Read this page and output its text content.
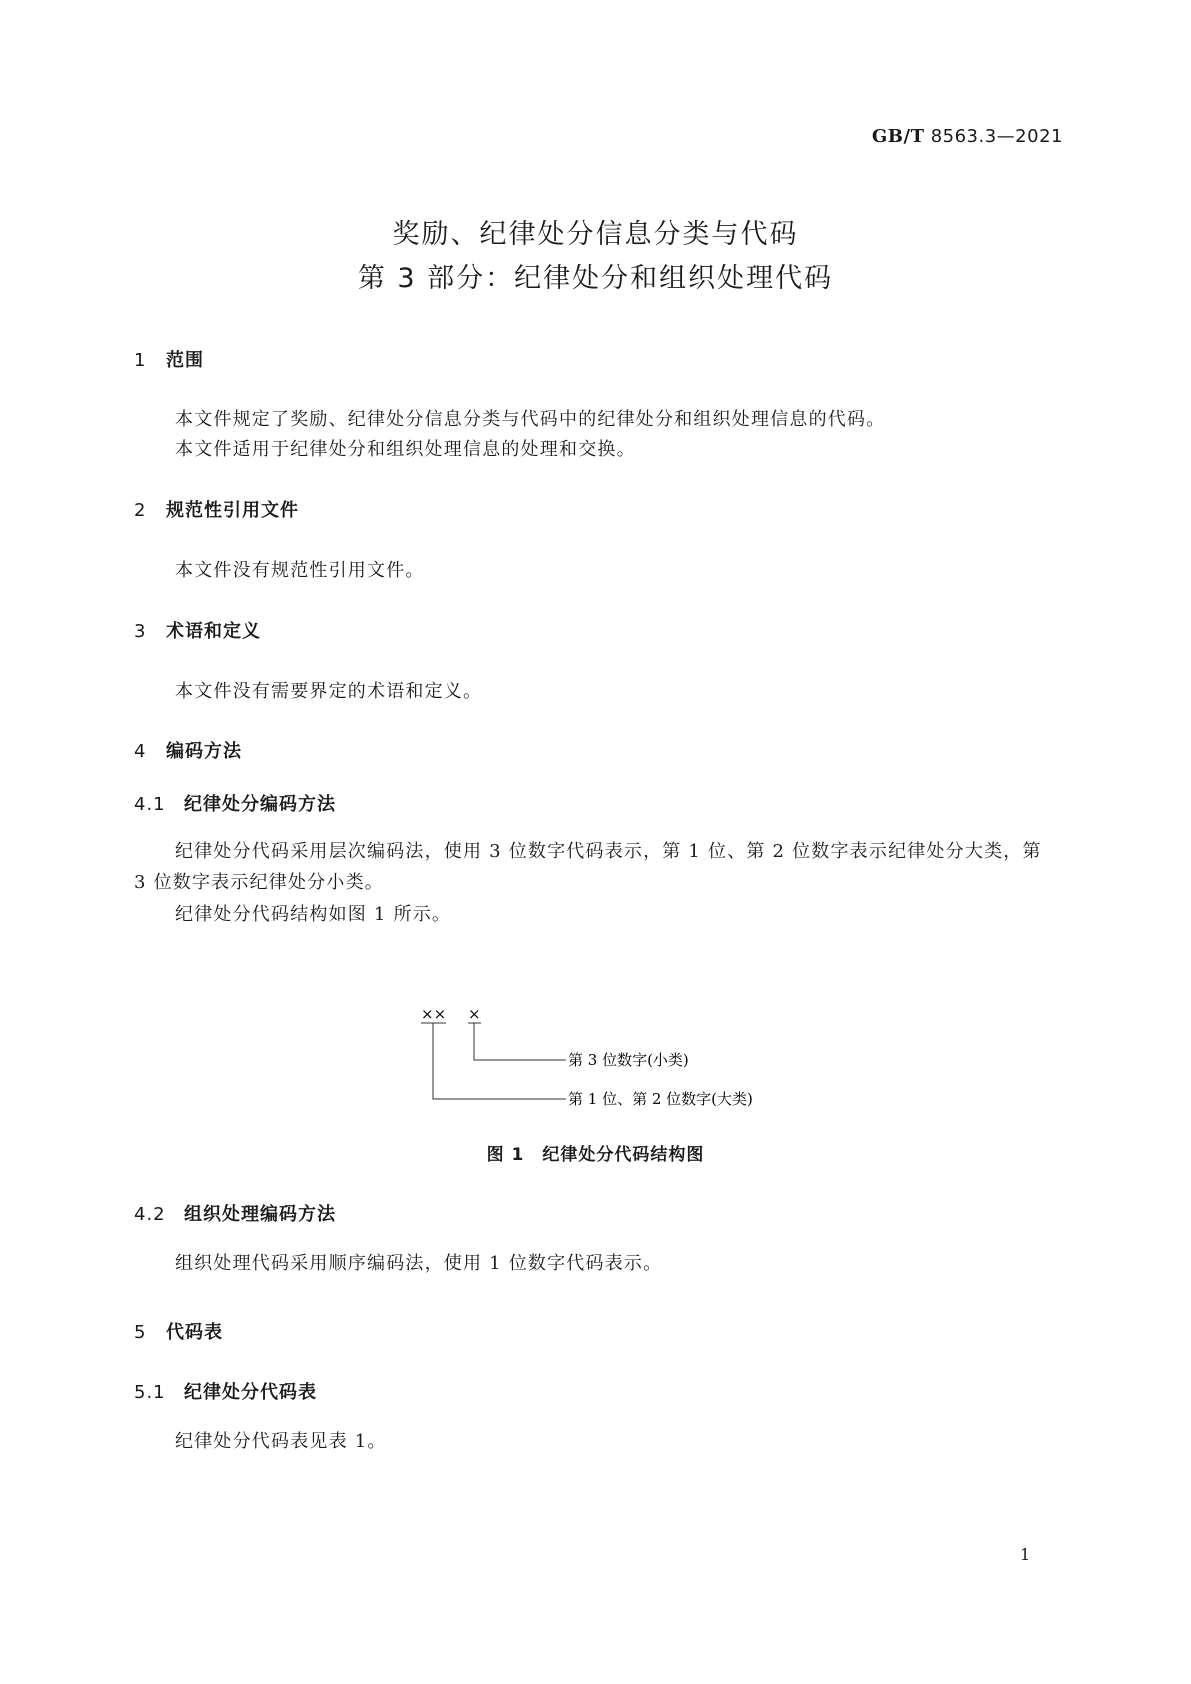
GB/T 8563.3—2021
奖励、纪律处分信息分类与代码
第 3 部分：纪律处分和组织处理代码
1 范围
本文件规定了奖励、纪律处分信息分类与代码中的纪律处分和组织处理信息的代码。
本文件适用于纪律处分和组织处理信息的处理和交换。
2 规范性引用文件
本文件没有规范性引用文件。
3 术语和定义
本文件没有需要界定的术语和定义。
4 编码方法
4.1 纪律处分编码方法
纪律处分代码采用层次编码法，使用 3 位数字代码表示，第 1 位、第 2 位数字表示纪律处分大类，第
3 位数字表示纪律处分小类。
纪律处分代码结构如图 1 所示。
×× ×
第 3 位数字(小类)
第 1 位、第 2 位数字(大类)
图 1　纪律处分代码结构图
4.2 组织处理编码方法
组织处理代码采用顺序编码法，使用 1 位数字代码表示。
5 代码表
5.1 纪律处分代码表
纪律处分代码表见表 1。
1
